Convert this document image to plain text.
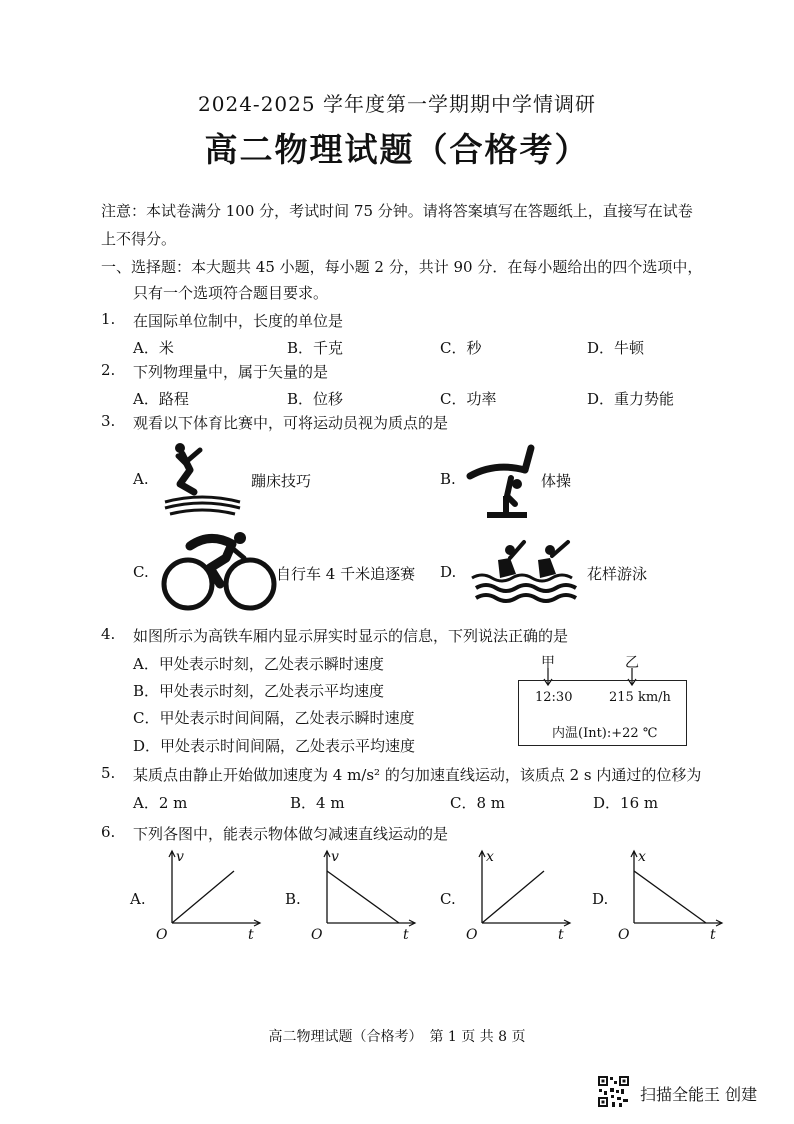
2024-2025 学年度第一学期期中学情调研
高二物理试题（合格考）
注意：本试卷满分 100 分，考试时间 75 分钟。请将答案填写在答题纸上，直接写在试卷
上不得分。
一、选择题：本大题共 45 小题，每小题 2 分，共计 90 分．在每小题给出的四个选项中，
只有一个选项符合题目要求。
1. 在国际单位制中，长度的单位是
A．米	B．千克	C．秒	D．牛顿
2. 下列物理量中，属于矢量的是
A．路程	B．位移	C．功率	D．重力势能
3. 观看以下体育比赛中，可将运动员视为质点的是
A.	蹦床技巧	B.	体操
C.	自行车 4 千米追逐赛 D.	花样游泳
4. 如图所示为高铁车厢内显示屏实时显示的信息，下列说法正确的是
A．甲处表示时刻，乙处表示瞬时速度
B．甲处表示时刻，乙处表示平均速度
C．甲处表示时间间隔，乙处表示瞬时速度
D．甲处表示时间间隔，乙处表示平均速度
甲	乙
12:30	215 km/h
内温(Int):+22 ℃
5. 某质点由静止开始做加速度为 4 m/s² 的匀加速直线运动，该质点 2 s 内通过的位移为
A．2 m	B．4 m	C．8 m	D．16 m
6. 下列各图中，能表示物体做匀减速直线运动的是
A.
v
t
O
B.
v
t
O
C.
x
t
O
D.
x
t
O
高二物理试题（合格考）　第 1 页 共 8 页
扫描全能王 创建
